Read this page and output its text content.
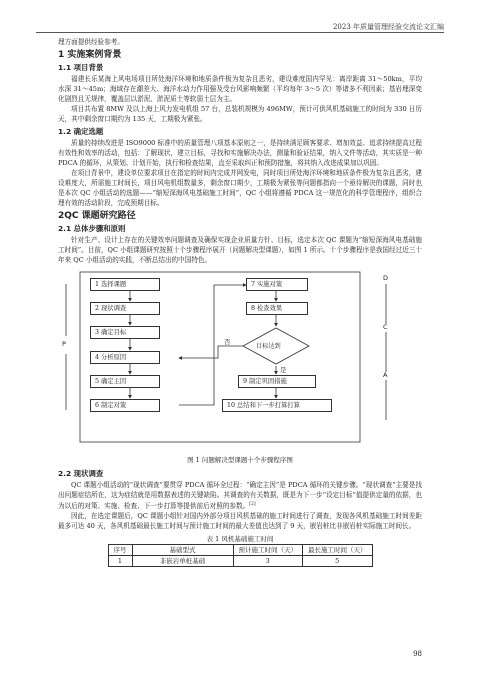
2023 年质量管理经验交流论文汇编

理方面提供经验参考。

1 实施案例背景
1.1 项目背景

福建长乐某海上风电场项目所处海洋环境和地质条件极为复杂且恶劣，建设难度国内罕见：离岸距离 31～50km，平均水深 31～45m；海域存在潮差大、海洋水动力作用强及受台风影响频繁（平均每年 3～5 次）等诸多不利因素；基岩埋深变化剧烈且无规律，覆盖层以淤泥、淤泥质土等软弱土层为主。

项目共布置 8MW 及以上海上风力发电机组 57 台，总装机规模为 496MW，预计可供风机基础施工的时间为 330 日历天，其中剩余窗口期约为 135 天，工期极为紧张。

1.2 确定选题

质量的持续改进是 ISO9000 标准中的质量管理八项基本原则之一，是持续满足顾客要求、增加效益、追求持续提高过程有效性和效率的活动，包括：了解现状，建立目标，寻找和实施解决办法，测量和验证结果，纳入文件等活动，其实质是一种 PDCA 的循环，从策划、计划开始，执行和检查结果，直至采取纠正和预防措施，将其纳入改进成果加以巩固。

在项目背景中，建设单位要求项目在指定的时间内完成并网发电，同时项目所处海洋环境和地质条件极为复杂且恶劣，建设难度大，所需施工时间长，项目风电机组数量多，剩余窗口期少，工期极为紧张等问题都指向一个亟待解决的课题，同时也是本次 QC 小组活动的选题——“缩短深海风电基础施工时间”，QC 小组将遵循 PDCA 这一规范化的科学管理程序，组织合理有效的活动阶段，完成预期目标。

2QC 课题研究路径
2.1 总体步骤和原则

针对生产、设计上存在的关键效率问题调查及确保实现企业质量方针、目标，选定本次 QC 课题为“缩短深海风电基础施工时间”。目前，QC 小组课题研究按照十个步骤程序展开（问题解决型课题），如图 1 所示。十个步骤程序是我国经过近三十年来 QC 小组活动的实践，不断总结出的中国特色。

1 选择课题
2 现状调查
3 确定目标
4 分析原因
5 确定主因
6 制定对策
7 实施对策
8 检查效果
目标达到
9 制定巩固措施
10 总结和下一步打算打算
否
是
P
D
C
A
图 1 问题解决型课题十个步骤程序图
2.2 现状调查

QC 课题小组活动的“现状调查”要贯穿 PDCA 循环全过程：“确定主因”是 PDCA 循环的关键步骤。“现状调查”主要是找出问题症结所在，这为症结就是用数据表述的关键缺陷。其调查的有关数据，既是为下一步“设定目标”值提供定量的依据，也为以后的对策、实施、检查、下一步打算等提供前后对照的参数。[2]

因此，在选定课题后，QC 课题小组针对国内外部分项目风机基础的施工时间进行了调查，发现各风机基础施工时间差距最多可达 40 天，各风机基础最长施工时间与预计施工时间的最大差值也达到了 9 天，嵌岩桩比非嵌岩桩实际施工时间长。

表 1 风机基础施工时间
序号	基础型式	预计施工时间（天）	最长施工时间（天）
1	非嵌岩单桩基础	3	5
98
